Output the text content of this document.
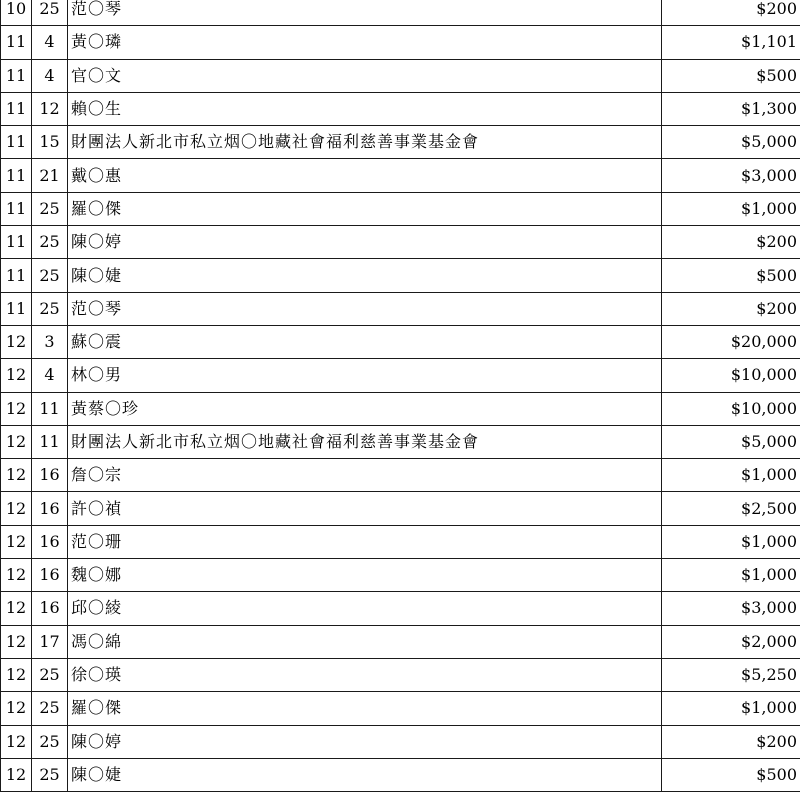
10	25	范〇琴	$200
11	4	黃〇璘	$1,101
11	4	官〇文	$500
11	12	賴〇生	$1,300
11	15	財團法人新北市私立烟〇地藏社會福利慈善事業基金會	$5,000
11	21	戴〇惠	$3,000
11	25	羅〇傑	$1,000
11	25	陳〇婷	$200
11	25	陳〇婕	$500
11	25	范〇琴	$200
12	3	蘇〇震	$20,000
12	4	林〇男	$10,000
12	11	黃蔡〇珍	$10,000
12	11	財團法人新北市私立烟〇地藏社會福利慈善事業基金會	$5,000
12	16	詹〇宗	$1,000
12	16	許〇禎	$2,500
12	16	范〇珊	$1,000
12	16	魏〇娜	$1,000
12	16	邱〇綾	$3,000
12	17	馮〇綿	$2,000
12	25	徐〇瑛	$5,250
12	25	羅〇傑	$1,000
12	25	陳〇婷	$200
12	25	陳〇婕	$500
